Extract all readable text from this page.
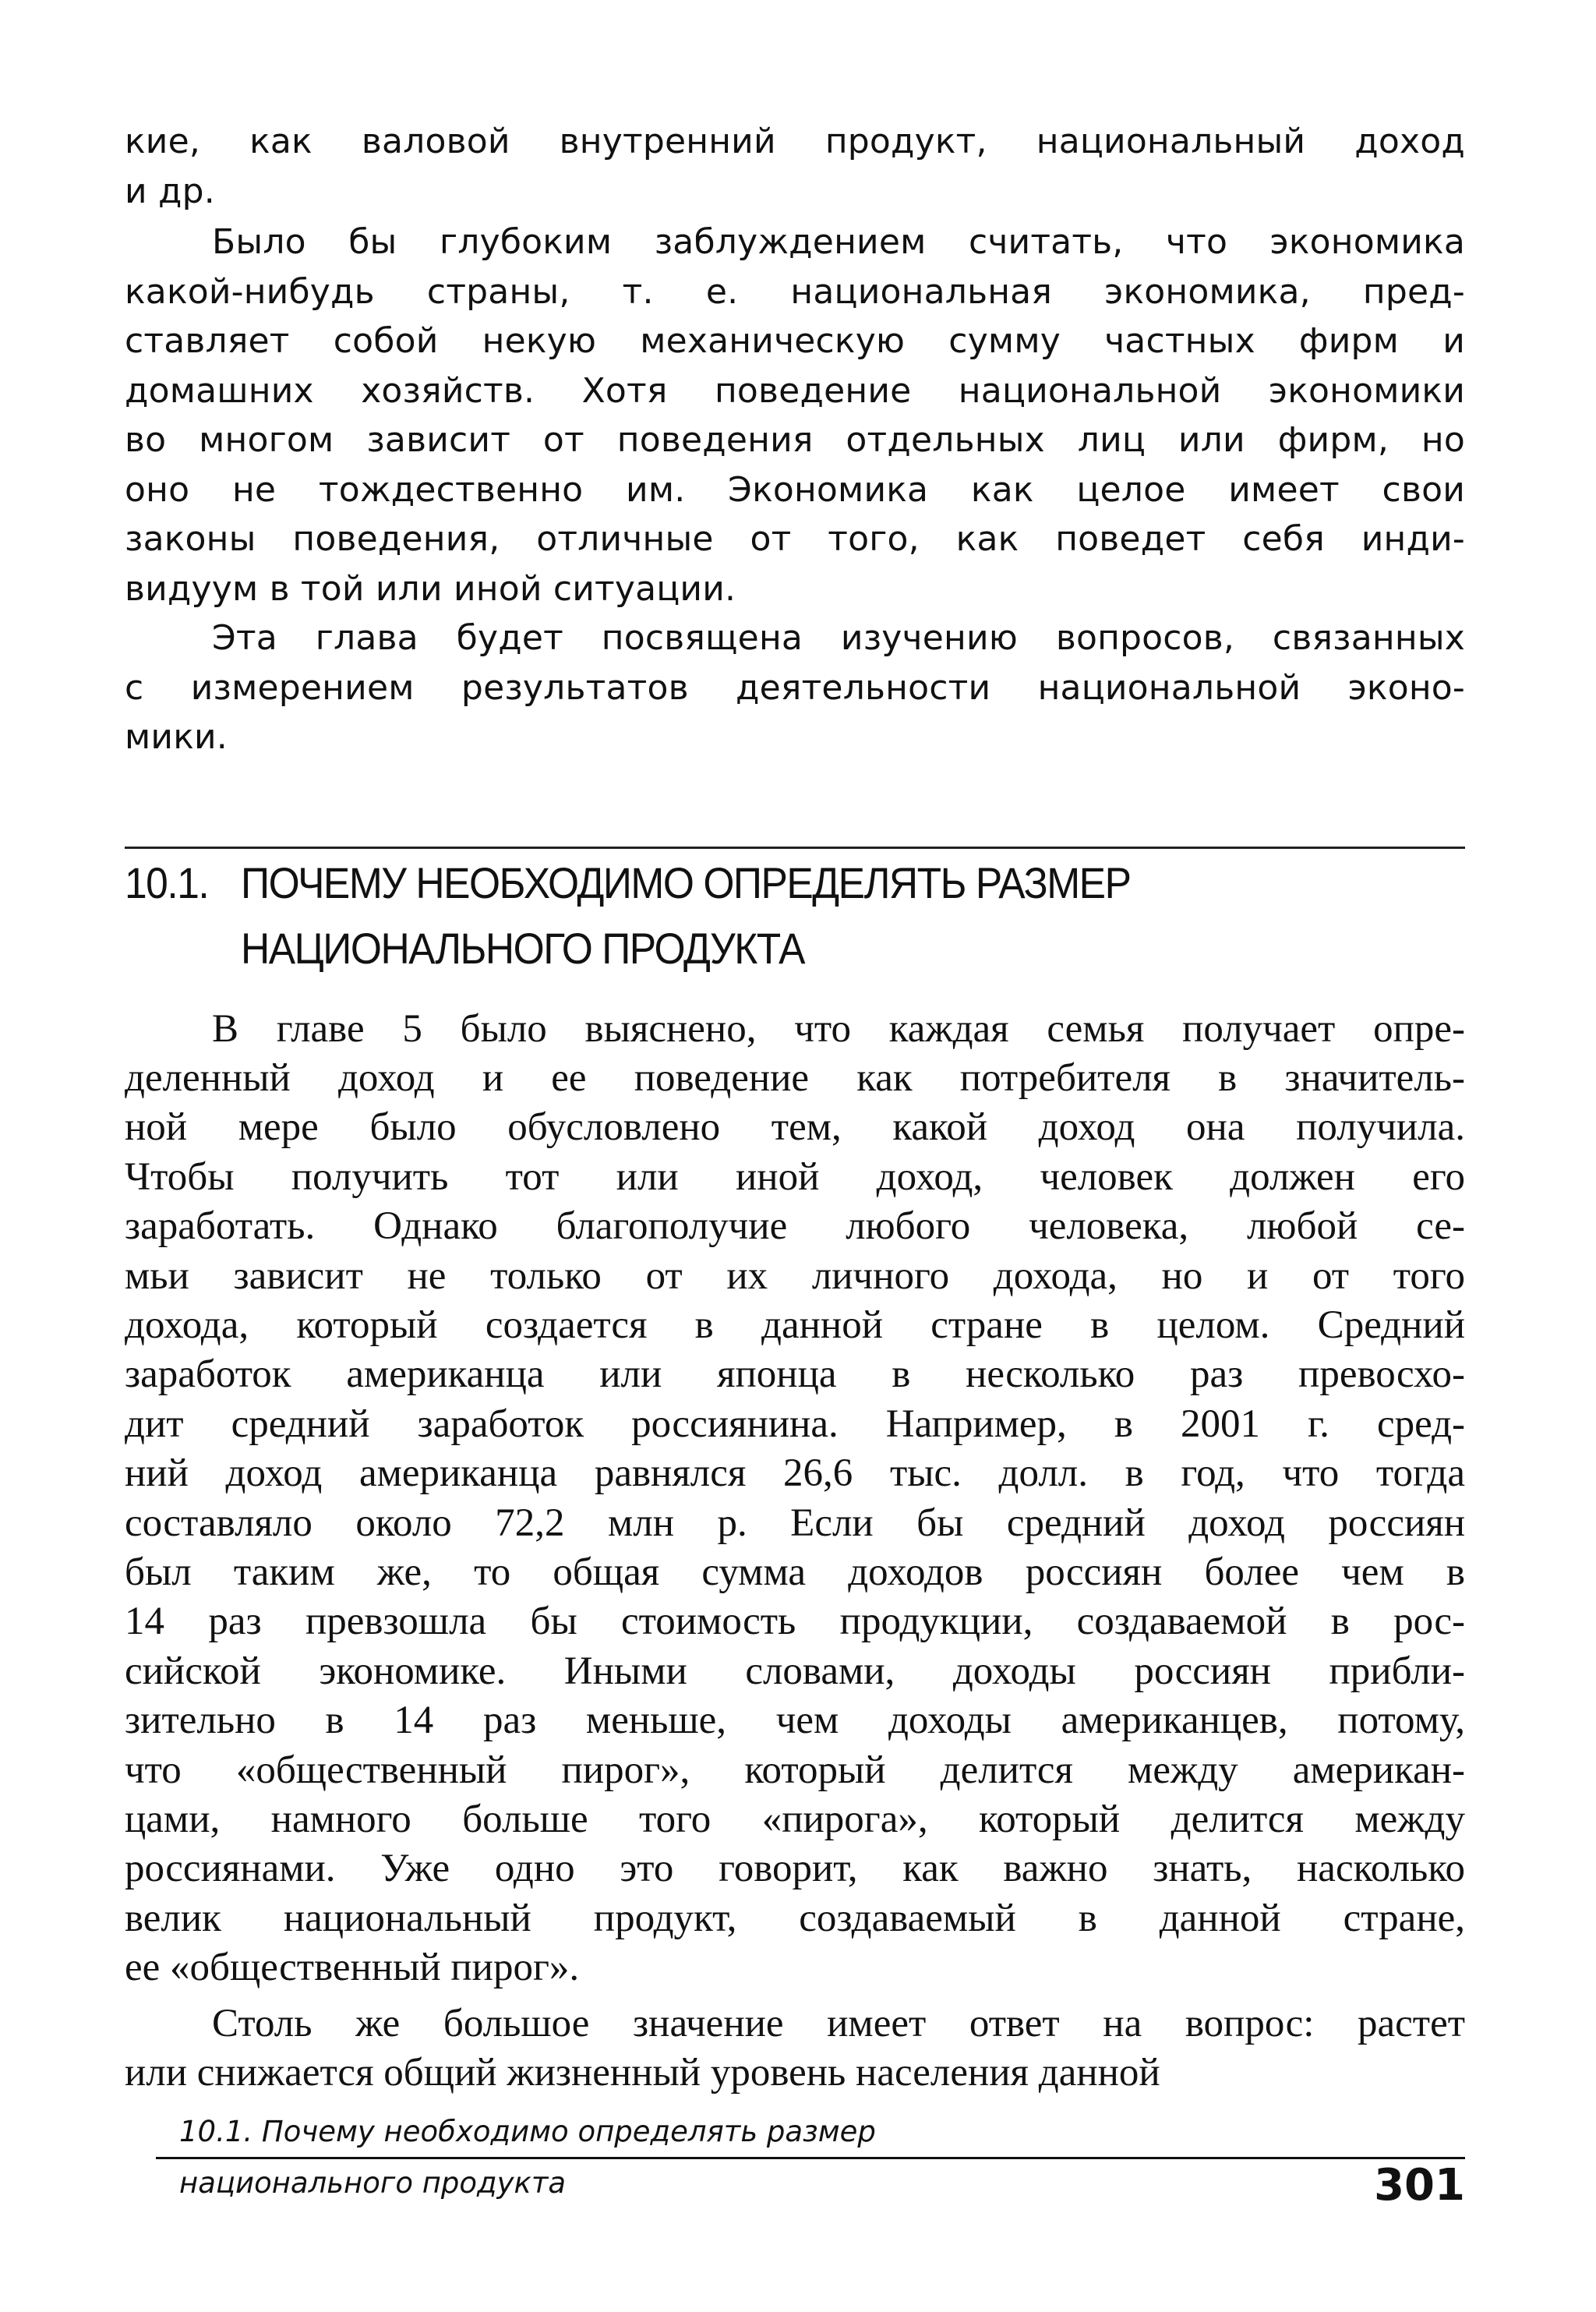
кие, как валовой внутренний продукт, национальный доход
и др.
Было бы глубоким заблуждением считать, что экономика
какой-нибудь страны, т. е. национальная экономика, пред-
ставляет собой некую механическую сумму частных фирм и
домашних хозяйств. Хотя поведение национальной экономики
во многом зависит от поведения отдельных лиц или фирм, но
оно не тождественно им. Экономика как целое имеет свои
законы поведения, отличные от того, как поведет себя инди-
видуум в той или иной ситуации.
Эта глава будет посвящена изучению вопросов, связанных
с измерением результатов деятельности национальной эконо-
мики.
10.1. ПОЧЕМУ НЕОБХОДИМО ОПРЕДЕЛЯТЬ РАЗМЕР
НАЦИОНАЛЬНОГО ПРОДУКТА
В главе 5 было выяснено, что каждая семья получает опре-
деленный доход и ее поведение как потребителя в значитель-
ной мере было обусловлено тем, какой доход она получила.
Чтобы получить тот или иной доход, человек должен его
заработать. Однако благополучие любого человека, любой се-
мьи зависит не только от их личного дохода, но и от того
дохода, который создается в данной стране в целом. Средний
заработок американца или японца в несколько раз превосхо-
дит средний заработок россиянина. Например, в 2001 г. сред-
ний доход американца равнялся 26,6 тыс. долл. в год, что тогда
составляло около 72,2 млн р. Если бы средний доход россиян
был таким же, то общая сумма доходов россиян более чем в
14 раз превзошла бы стоимость продукции, создаваемой в рос-
сийской экономике. Иными словами, доходы россиян прибли-
зительно в 14 раз меньше, чем доходы американцев, потому,
что «общественный пирог», который делится между американ-
цами, намного больше того «пирога», который делится между
россиянами. Уже одно это говорит, как важно знать, насколько
велик национальный продукт, создаваемый в данной стране,
ее «общественный пирог».
Столь же большое значение имеет ответ на вопрос: растет
или снижается общий жизненный уровень населения данной
10.1. Почему необходимо определять размер
национального продукта	301
